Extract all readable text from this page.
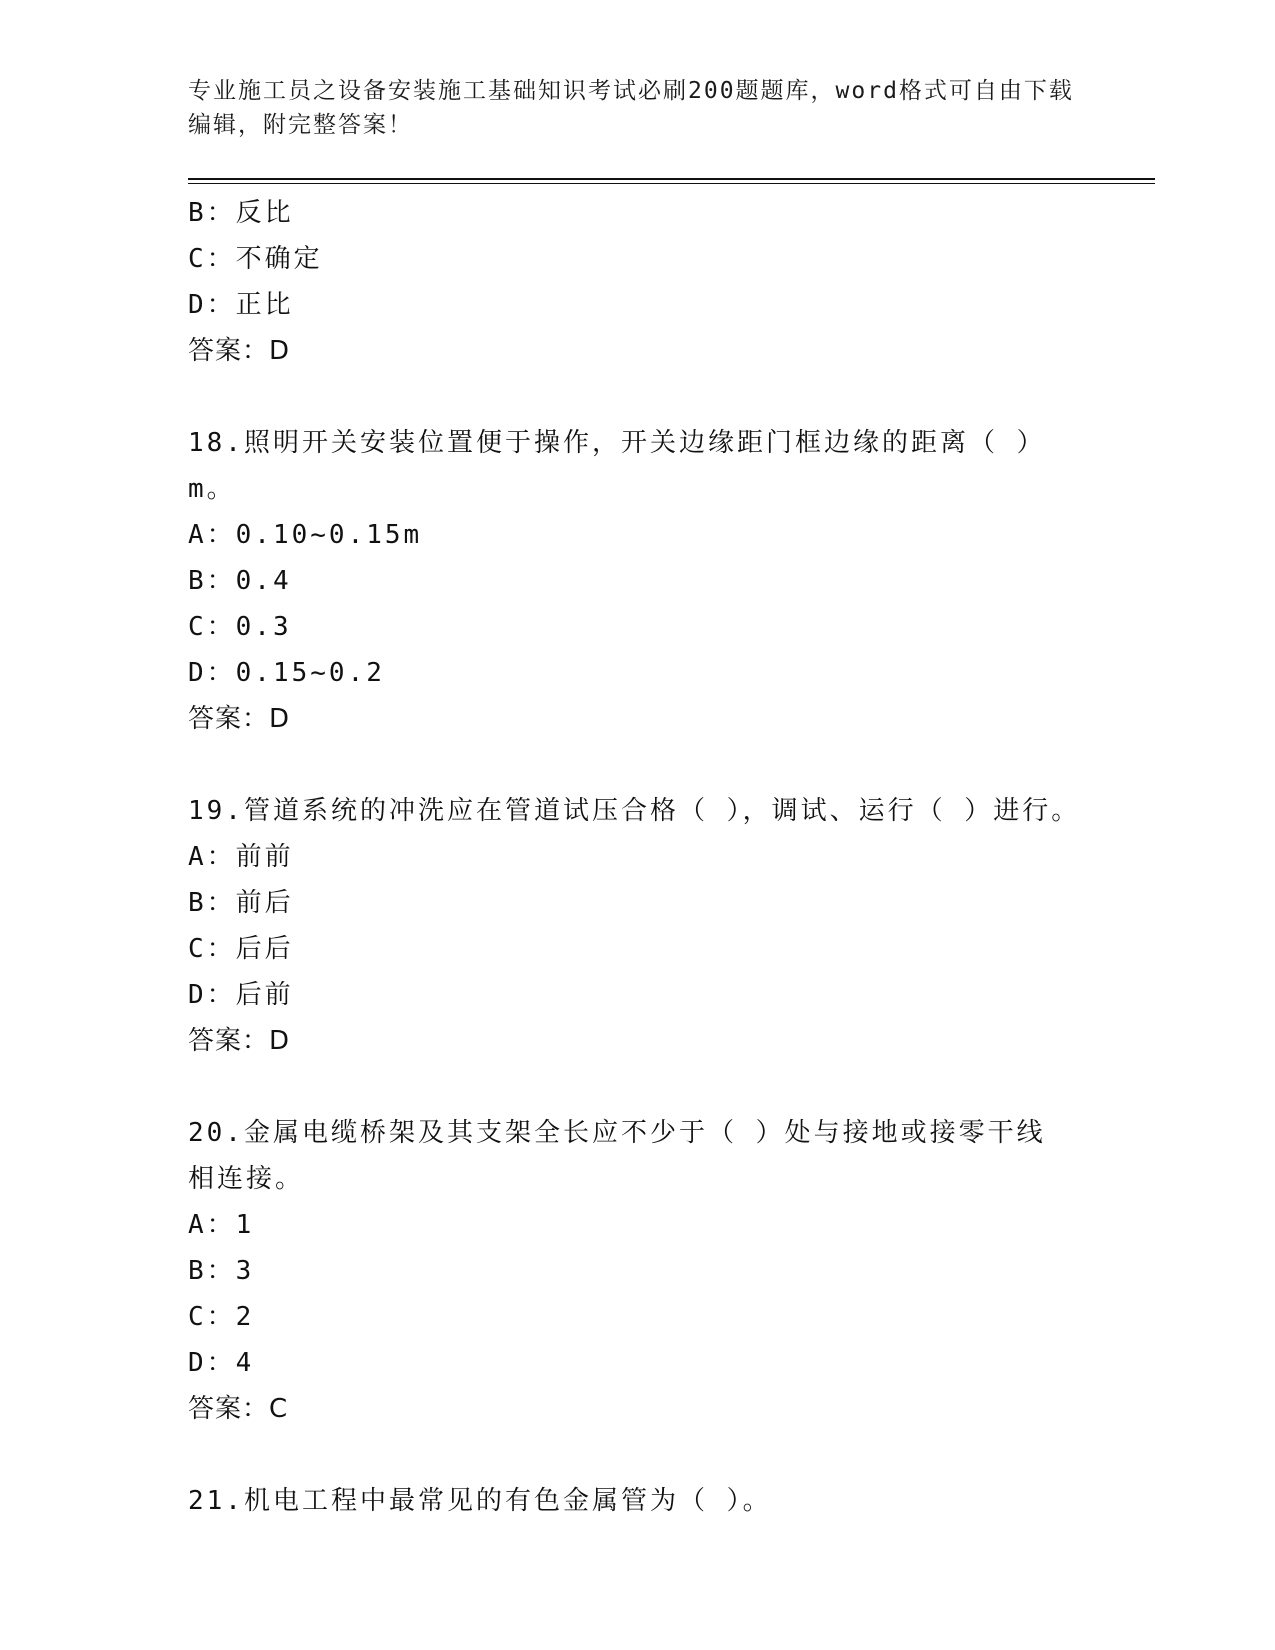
专业施工员之设备安装施工基础知识考试必刷200题题库，word格式可自由下载编辑，附完整答案！
B：反比
C：不确定
D：正比
答案：D
18.照明开关安装位置便于操作，开关边缘距门框边缘的距离（ ）m。
A：0.10~0.15m
B：0.4
C：0.3
D：0.15~0.2
答案：D
19.管道系统的冲洗应在管道试压合格（ ），调试、运行（ ）进行。
A：前前
B：前后
C：后后
D：后前
答案：D
20.金属电缆桥架及其支架全长应不少于（ ）处与接地或接零干线相连接。
A：1
B：3
C：2
D：4
答案：C
21.机电工程中最常见的有色金属管为（ ）。
